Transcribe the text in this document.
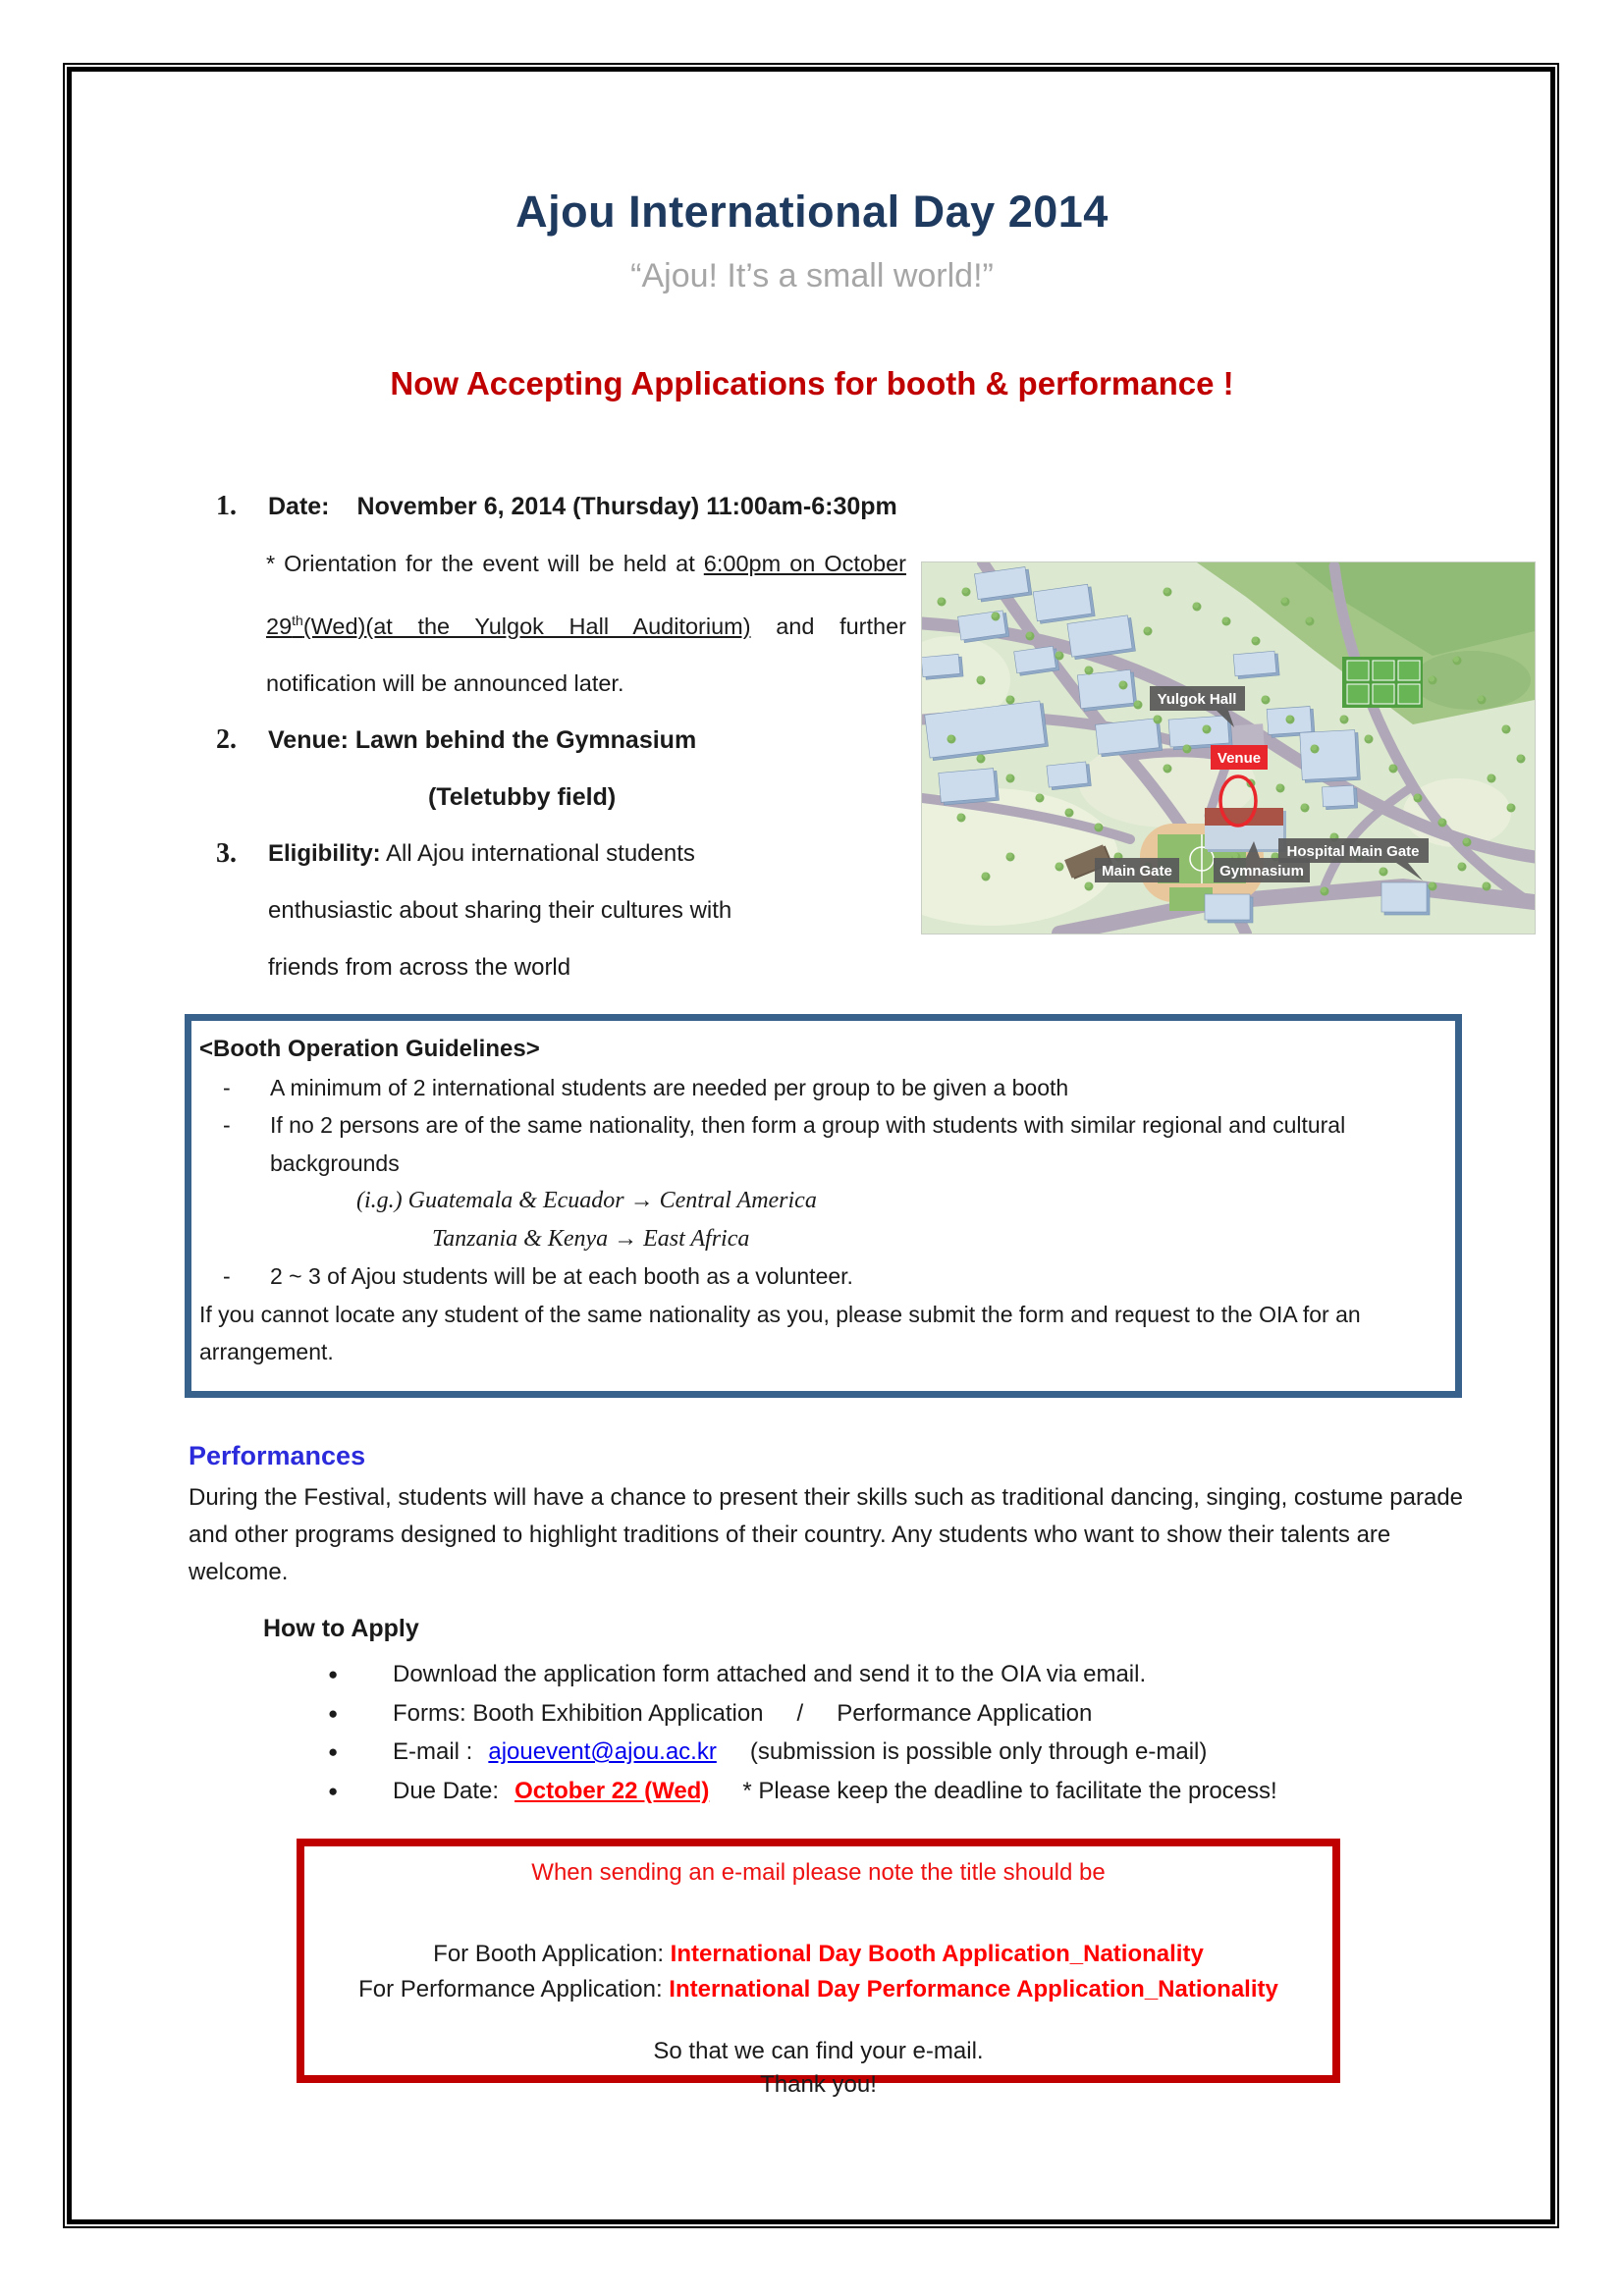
Ajou International Day 2014
“Ajou! It’s a small world!”
Now Accepting Applications for booth & performance !
1.	Date: November 6, 2014 (Thursday) 11:00am-6:30pm
* Orientation for the event will be held at 6:00pm on October 29th(Wed)(at the Yulgok Hall Auditorium) and further notification will be announced later.
2.	Venue: Lawn behind the Gymnasium
(Teletubby field)
3.	Eligibility: All Ajou international students enthusiastic about sharing their cultures with friends from across the world
Yulgok Hall
Venue
Main Gate	Gymnasium
Hospital Main Gate
<Booth Operation Guidelines>
-	A minimum of 2 international students are needed per group to be given a booth
-	If no 2 persons are of the same nationality, then form a group with students with similar regional and cultural backgrounds
(i.g.) Guatemala & Ecuador → Central America
Tanzania & Kenya → East Africa
-	2 ~ 3 of Ajou students will be at each booth as a volunteer.
If you cannot locate any student of the same nationality as you, please submit the form and request to the OIA for an arrangement.
Performances
During the Festival, students will have a chance to present their skills such as traditional dancing, singing, costume parade and other programs designed to highlight traditions of their country. Any students who want to show their talents are welcome.
How to Apply
●	Download the application form attached and send it to the OIA via email.
●	Forms: Booth Exhibition Application / Performance Application
●	E-mail : ajouevent@ajou.ac.kr (submission is possible only through e-mail)
●	Due Date: October 22 (Wed) * Please keep the deadline to facilitate the process!
When sending an e-mail please note the title should be
For Booth Application: International Day Booth Application_Nationality
For Performance Application: International Day Performance Application_Nationality
So that we can find your e-mail.
Thank you!
